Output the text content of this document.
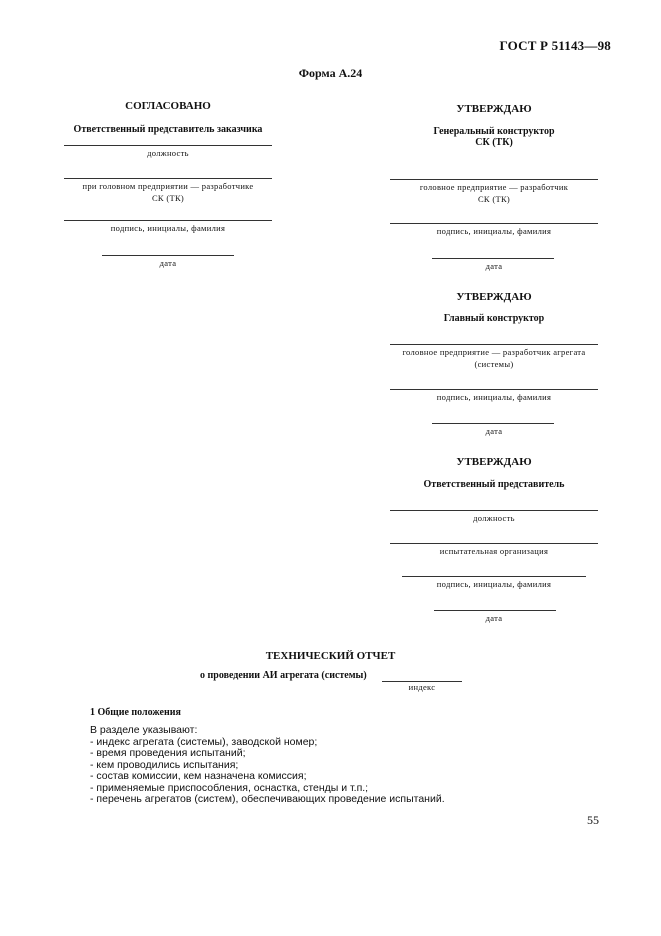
ГОСТ Р 51143—98
Форма А.24
СОГЛАСОВАНО
Ответственный представитель заказчика
должность
при головном предприятии — разработчике
СК (ТК)
подпись, инициалы, фамилия
дата
УТВЕРЖДАЮ
Генеральный конструктор
СК (ТК)
головное предприятие — разработчик
СК (ТК)
подпись, инициалы, фамилия
дата
УТВЕРЖДАЮ
Главный конструктор
головное предприятие — разработчик агрегата
(системы)
подпись, инициалы, фамилия
дата
УТВЕРЖДАЮ
Ответственный представитель
должность
испытательная организация
подпись, инициалы, фамилия
дата
ТЕХНИЧЕСКИЙ ОТЧЕТ
о проведении АИ агрегата (системы)
индекс
1 Общие положения
В разделе указывают:
- индекс агрегата (системы), заводской номер;
- время проведения испытаний;
- кем проводились испытания;
- состав комиссии, кем назначена комиссия;
- применяемые приспособления, оснастка, стенды и т.п.;
- перечень агрегатов (систем), обеспечивающих проведение испытаний.
55
